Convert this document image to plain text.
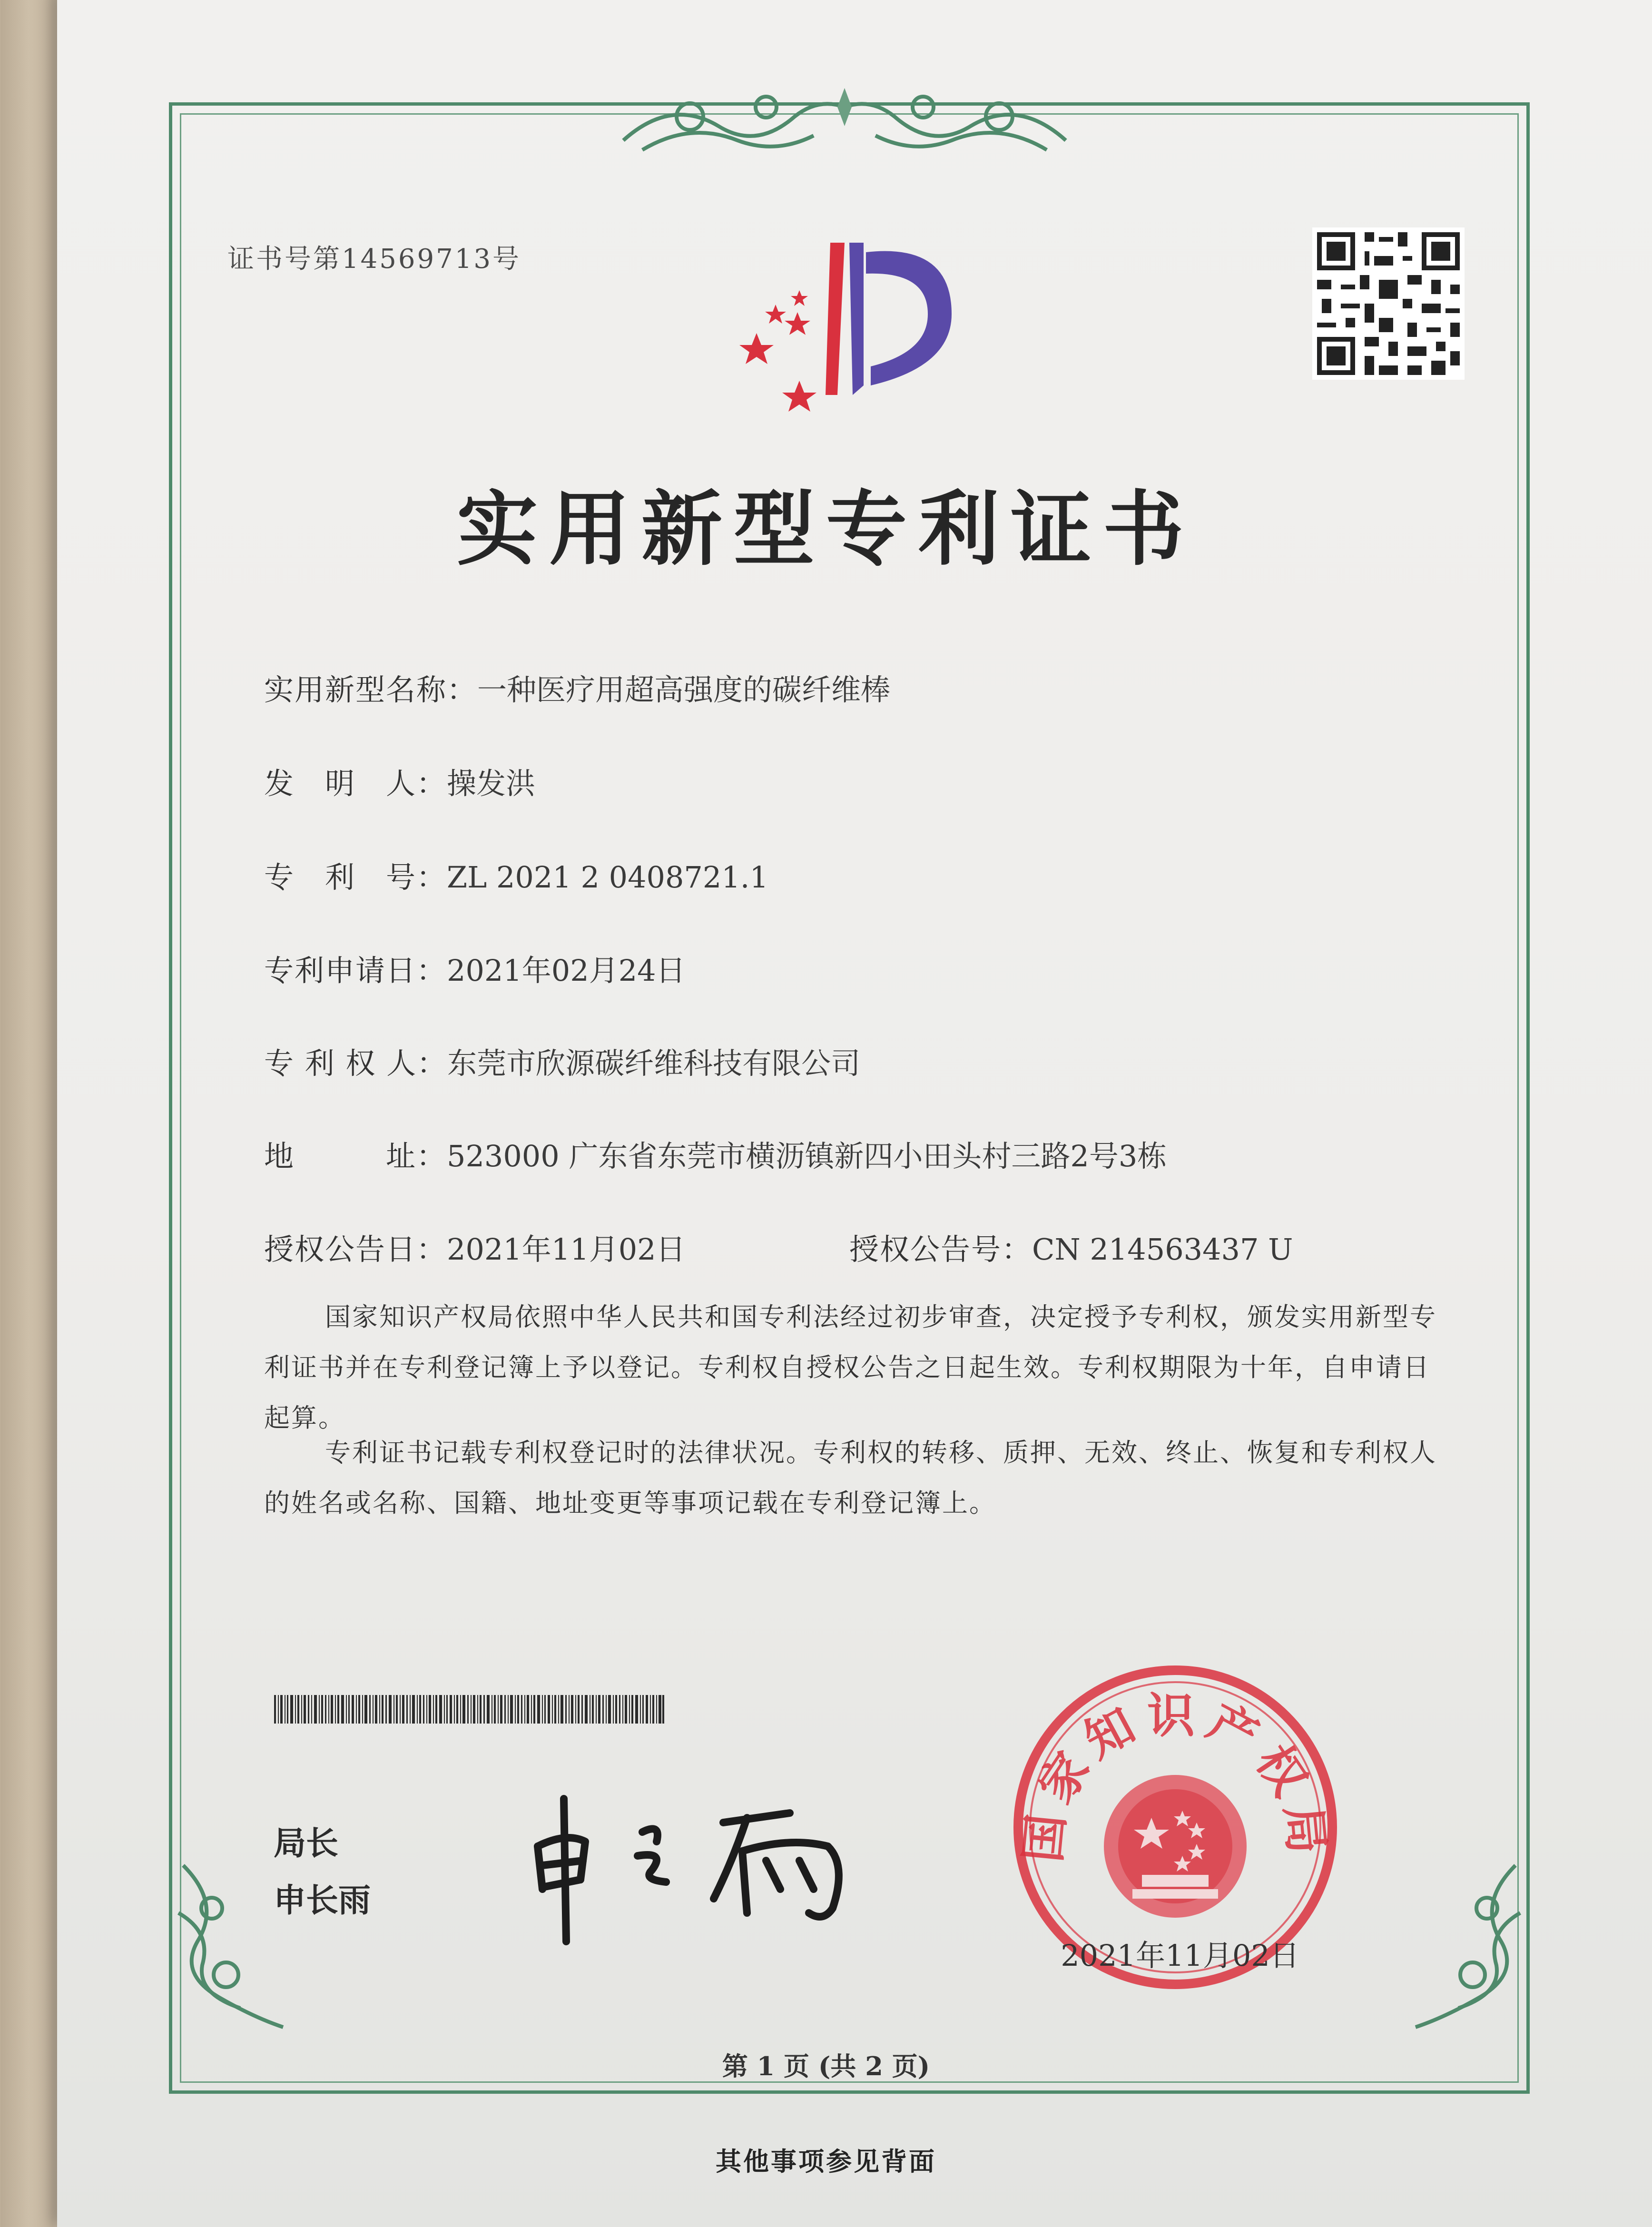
证书号第14569713号
实用新型专利证书
实用新型名称：一种医疗用超高强度的碳纤维棒
发　明　人：操发洪
专　利　号：ZL 2021 2 0408721.1
专利申请日：2021年02月24日
专 利 权 人：东莞市欣源碳纤维科技有限公司
地　　　址：523000 广东省东莞市横沥镇新四小田头村三路2号3栋
授权公告日：2021年11月02日	授权公告号：CN 214563437 U
国家知识产权局依照中华人民共和国专利法经过初步审查，决定授予专利权，颁发实用新型专利证书并在专利登记簿上予以登记。专利权自授权公告之日起生效。专利权期限为十年，自申请日起算。
专利证书记载专利权登记时的法律状况。专利权的转移、质押、无效、终止、恢复和专利权人的姓名或名称、国籍、地址变更等事项记载在专利登记簿上。
局长
申长雨
国家知识产权局
2021年11月02日
第 1 页 (共 2 页)
其他事项参见背面
